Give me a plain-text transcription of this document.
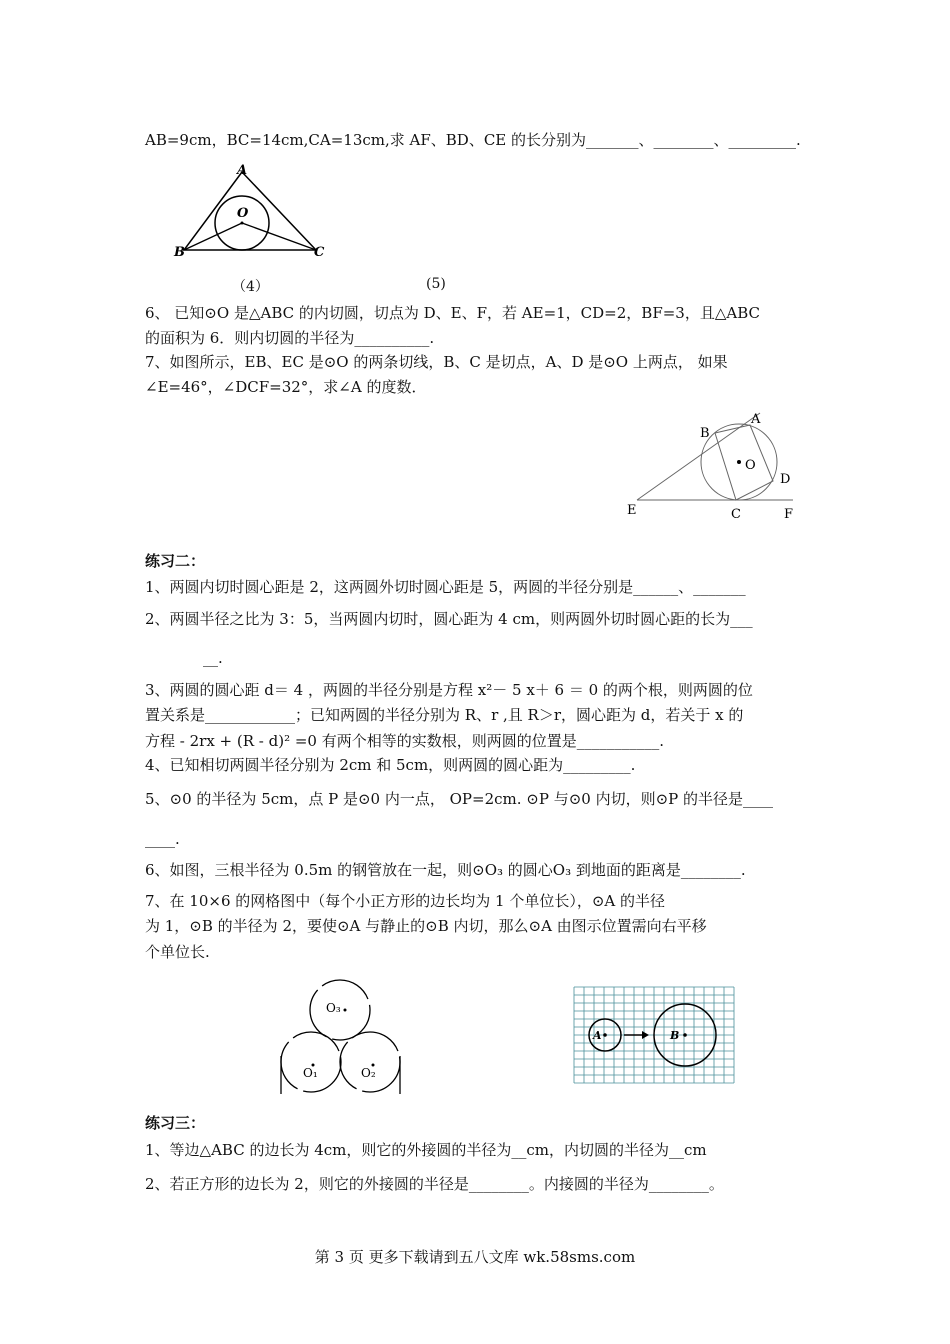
AB=9cm，BC=14cm,CA=13cm,求 AF、BD、CE 的长分别为_______、________、_________.
A
O
B	C
（4）	(5)
6、 已知⊙O 是△ABC 的内切圆，切点为 D、E、F，若 AE=1，CD=2，BF=3，且△ABC
的面积为 6．则内切圆的半径为__________.
7、如图所示，EB、EC 是⊙O 的两条切线，B、C 是切点，A、D 是⊙O 上两点， 如果
∠E=46°，∠DCF=32°，求∠A 的度数．
B
A
O
D
E	C	F
练习二：
1、两圆内切时圆心距是 2，这两圆外切时圆心距是 5，两圆的半径分别是______、_______
2、两圆半径之比为 3：5，当两圆内切时，圆心距为 4 cm，则两圆外切时圆心距的长为___
__.
3、两圆的圆心距 d＝ 4 ，两圆的半径分别是方程 x²－ 5 x＋ 6 ＝ 0 的两个根，则两圆的位
置关系是____________；已知两圆的半径分别为 R、r ,且 R＞r，圆心距为 d，若关于 x 的
方程 - 2rx + (R - d)² =0 有两个相等的实数根，则两圆的位置是___________.
4、已知相切两圆半径分别为 2cm 和 5cm，则两圆的圆心距为_________.
5、⊙0 的半径为 5cm，点 P 是⊙0 内一点， OP=2cm. ⊙P 与⊙0 内切，则⊙P 的半径是____
____.
6、如图，三根半径为 0.5m 的钢管放在一起，则⊙O₃ 的圆心O₃ 到地面的距离是________.
7、在 10×6 的网格图中（每个小正方形的边长均为 1 个单位长），⊙A 的半径
为 1，⊙B 的半径为 2，要使⊙A 与静止的⊙B 内切，那么⊙A 由图示位置需向右平移
个单位长.
O₃
O₁	O₂
A	B
练习三：
1、等边△ABC 的边长为 4cm，则它的外接圆的半径为__cm，内切圆的半径为__cm
2、若正方形的边长为 2，则它的外接圆的半径是________。内接圆的半径为________。
第 3 页 更多下载请到五八文库 wk.58sms.com
